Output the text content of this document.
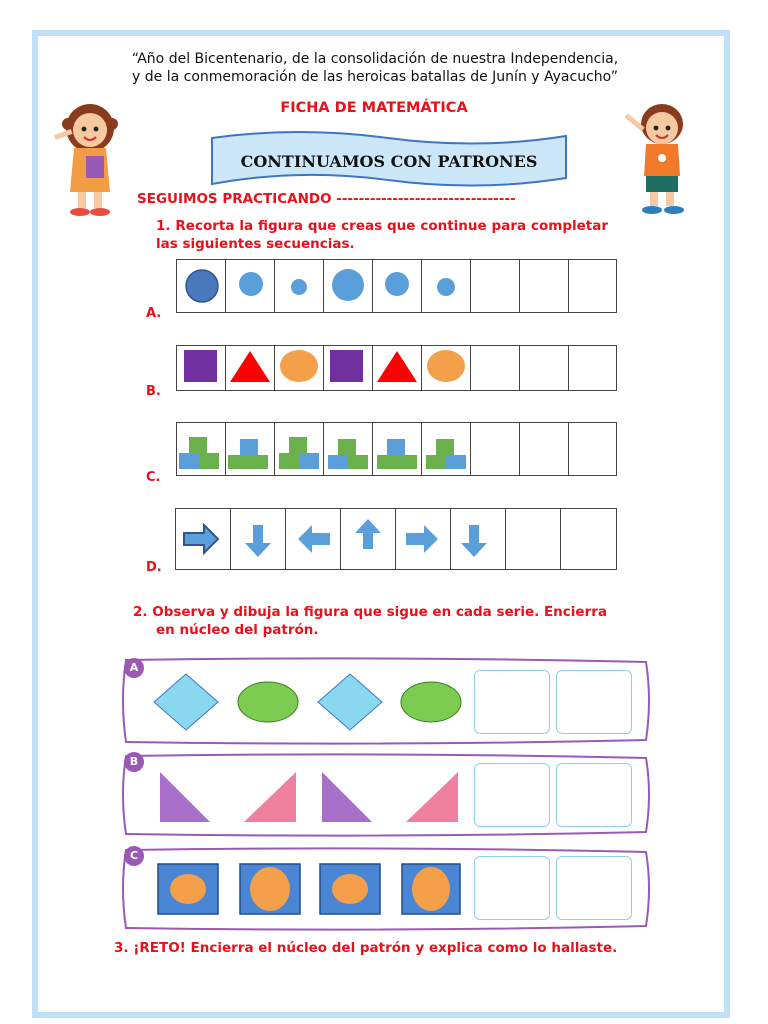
“Año del Bicentenario, de la consolidación de nuestra Independencia,
y de la conmemoración de las heroicas batallas de Junín y Ayacucho”
FICHA DE MATEMÁTICA
CONTINUAMOS CON PATRONES
SEGUIMOS PRACTICANDO --------------------------------
1. Recorta la figura que creas que continue para completar las siguientes secuencias.
A.
B.
C.
D.
2. Observa y dibuja la figura que sigue en cada serie. Encierra
en núcleo del patrón.
A
B
C
3. ¡RETO! Encierra el núcleo del patrón y explica como lo hallaste.
